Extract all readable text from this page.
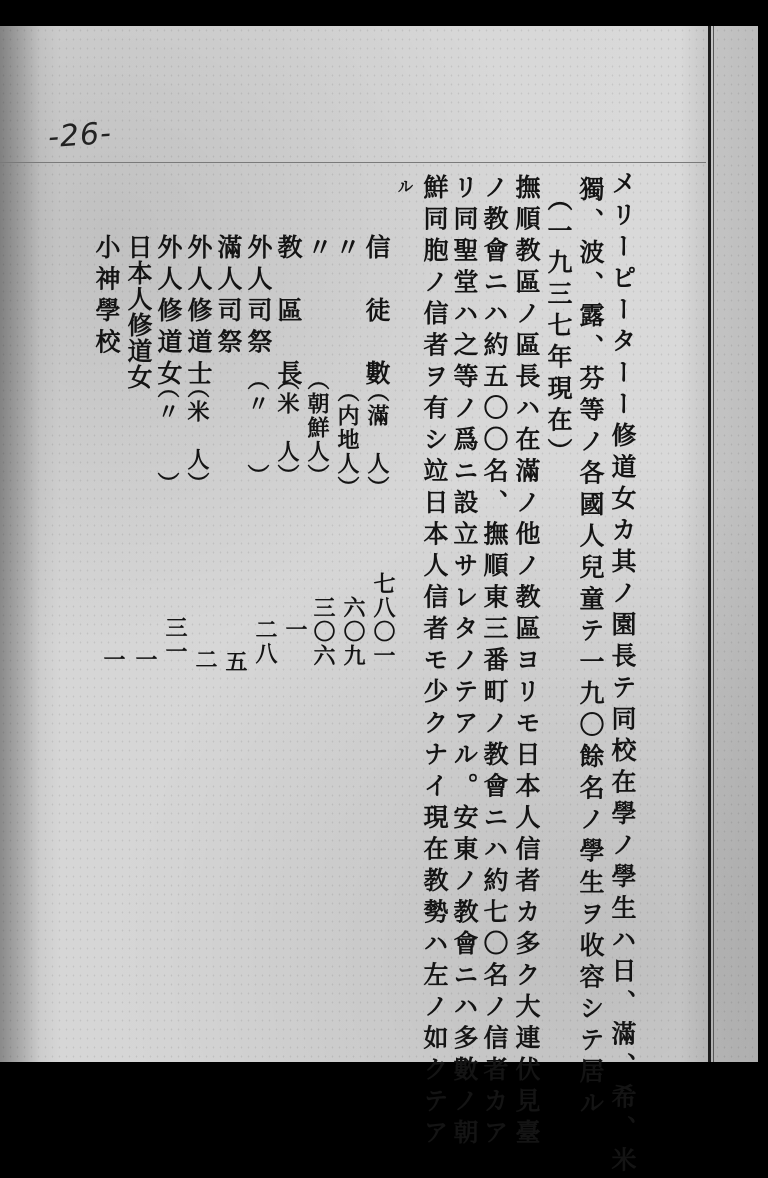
-26-
メリーピーターー修道女カ其ノ園長テ同校在學ノ學生ハ日、滿、希、米
獨、波、露、芬等ノ各國人兒童テ一九〇餘名ノ學生ヲ收容シテ居ル
（一九三七年現在）
撫順教區ノ區長ハ在滿ノ他ノ教區ヨリモ日本人信者カ多ク大連伏見臺
ノ教會ニハ約五〇〇名、撫順東三番町ノ教會ニハ約七〇名ノ信者カア
リ同聖堂ハ之等ノ爲ニ設立サレタノテアル。安東ノ教會ニハ多數ノ朝
鮮同胞ノ信者ヲ有シ竝日本人信者モ少クナイ現在教勢ハ左ノ如クテア
ル
信　徒　數
（滿　人）
七八〇一
〃
（内地人）
六〇九
〃
（朝鮮人）
三〇六
教　區　長
（米　人）
一
外人司祭
（〃　　）
二八
滿人司祭
五
外人修道士
（米　人）
二
外人修道女
（〃　　）
三一
日本人修道女
一
小神學校
一
